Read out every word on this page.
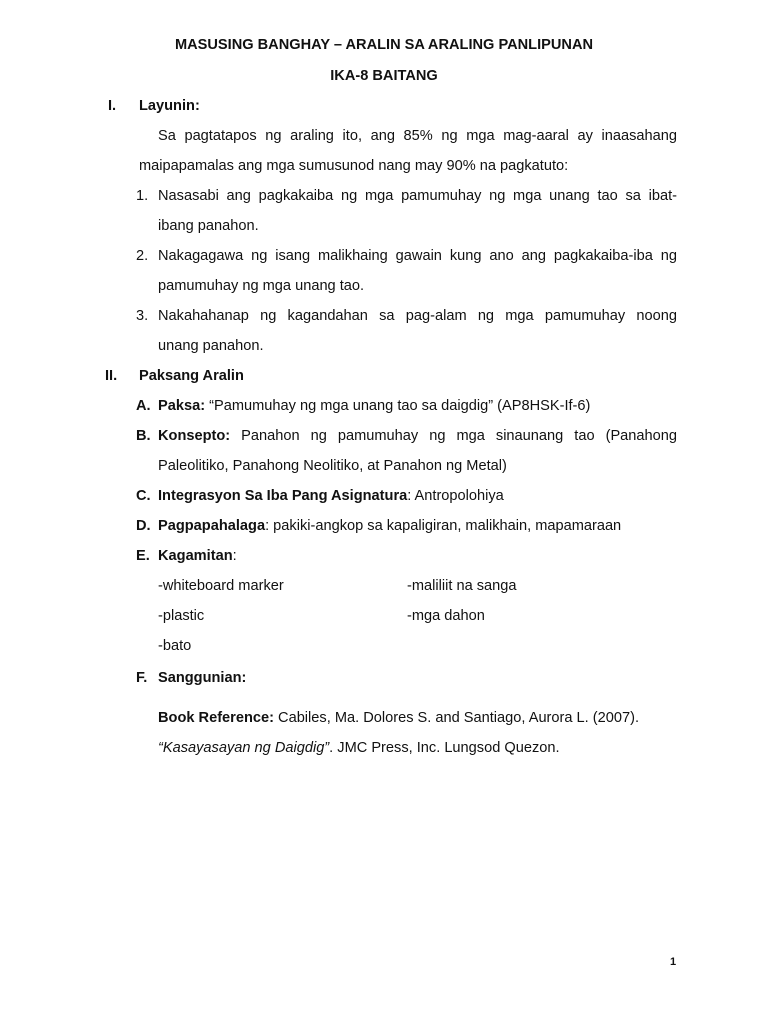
MASUSING BANGHAY – ARALIN SA ARALING PANLIPUNAN
IKA-8 BAITANG
I. Layunin:
Sa pagtatapos ng araling ito, ang 85% ng mga mag-aaral ay inaasahang
maipapamalas ang mga sumusunod nang may 90% na pagkatuto:
1. Nasasabi ang pagkakaiba ng mga pamumuhay ng mga unang tao sa ibat-
ibang panahon.
2. Nakagagawa ng isang malikhaing gawain kung ano ang pagkakaiba-iba ng
pamumuhay ng mga unang tao.
3. Nakahahanap ng kagandahan sa pag-alam ng mga pamumuhay noong
unang panahon.
II. Paksang Aralin
A. Paksa: “Pamumuhay ng mga unang tao sa daigdig” (AP8HSK-If-6)
B. Konsepto: Panahon ng pamumuhay ng mga sinaunang tao (Panahong
Paleolitiko, Panahong Neolitiko, at Panahon ng Metal)
C. Integrasyon Sa Iba Pang Asignatura: Antropolohiya
D. Pagpapahalaga: pakiki-angkop sa kapaligiran, malikhain, mapamaraan
E. Kagamitan:
-whiteboard marker	-maliliit na sanga
-plastic	-mga dahon
-bato
F. Sanggunian:
Book Reference: Cabiles, Ma. Dolores S. and Santiago, Aurora L. (2007).
“Kasayasayan ng Daigdig”. JMC Press, Inc. Lungsod Quezon.
1
